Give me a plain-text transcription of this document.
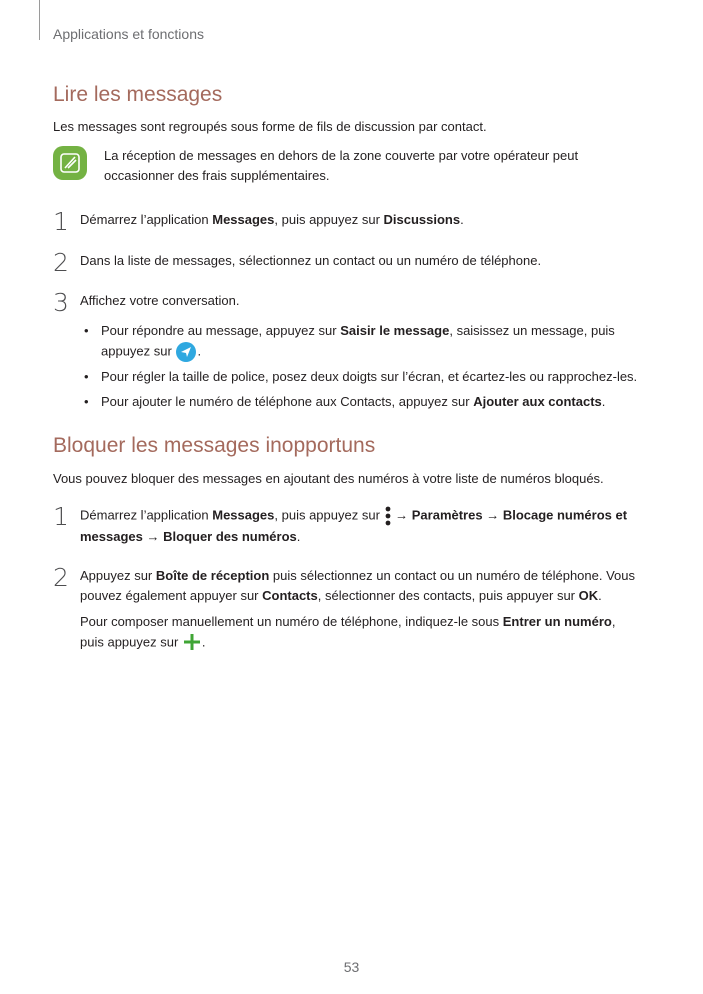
Applications et fonctions
Lire les messages

Les messages sont regroupés sous forme de fils de discussion par contact.

La réception de messages en dehors de la zone couverte par votre opérateur peut occasionner des frais supplémentaires.
1 Démarrez l’application Messages, puis appuyez sur Discussions.
2 Dans la liste de messages, sélectionnez un contact ou un numéro de téléphone.
3 Affichez votre conversation.
• Pour répondre au message, appuyez sur Saisir le message, saisissez un message, puis
appuyez sur .
• Pour régler la taille de police, posez deux doigts sur l’écran, et écartez-les ou rapprochez-les.
• Pour ajouter le numéro de téléphone aux Contacts, appuyez sur Ajouter aux contacts.
Bloquer les messages inopportuns

Vous pouvez bloquer des messages en ajoutant des numéros à votre liste de numéros bloqués.

1 Démarrez l’application Messages, puis appuyez sur  → Paramètres → Blocage numéros et
messages → Bloquer des numéros.
2 Appuyez sur Boîte de réception puis sélectionnez un contact ou un numéro de téléphone. Vous
pouvez également appuyer sur Contacts, sélectionner des contacts, puis appuyer sur OK.
Pour composer manuellement un numéro de téléphone, indiquez-le sous Entrer un numéro,
puis appuyez sur .
53
